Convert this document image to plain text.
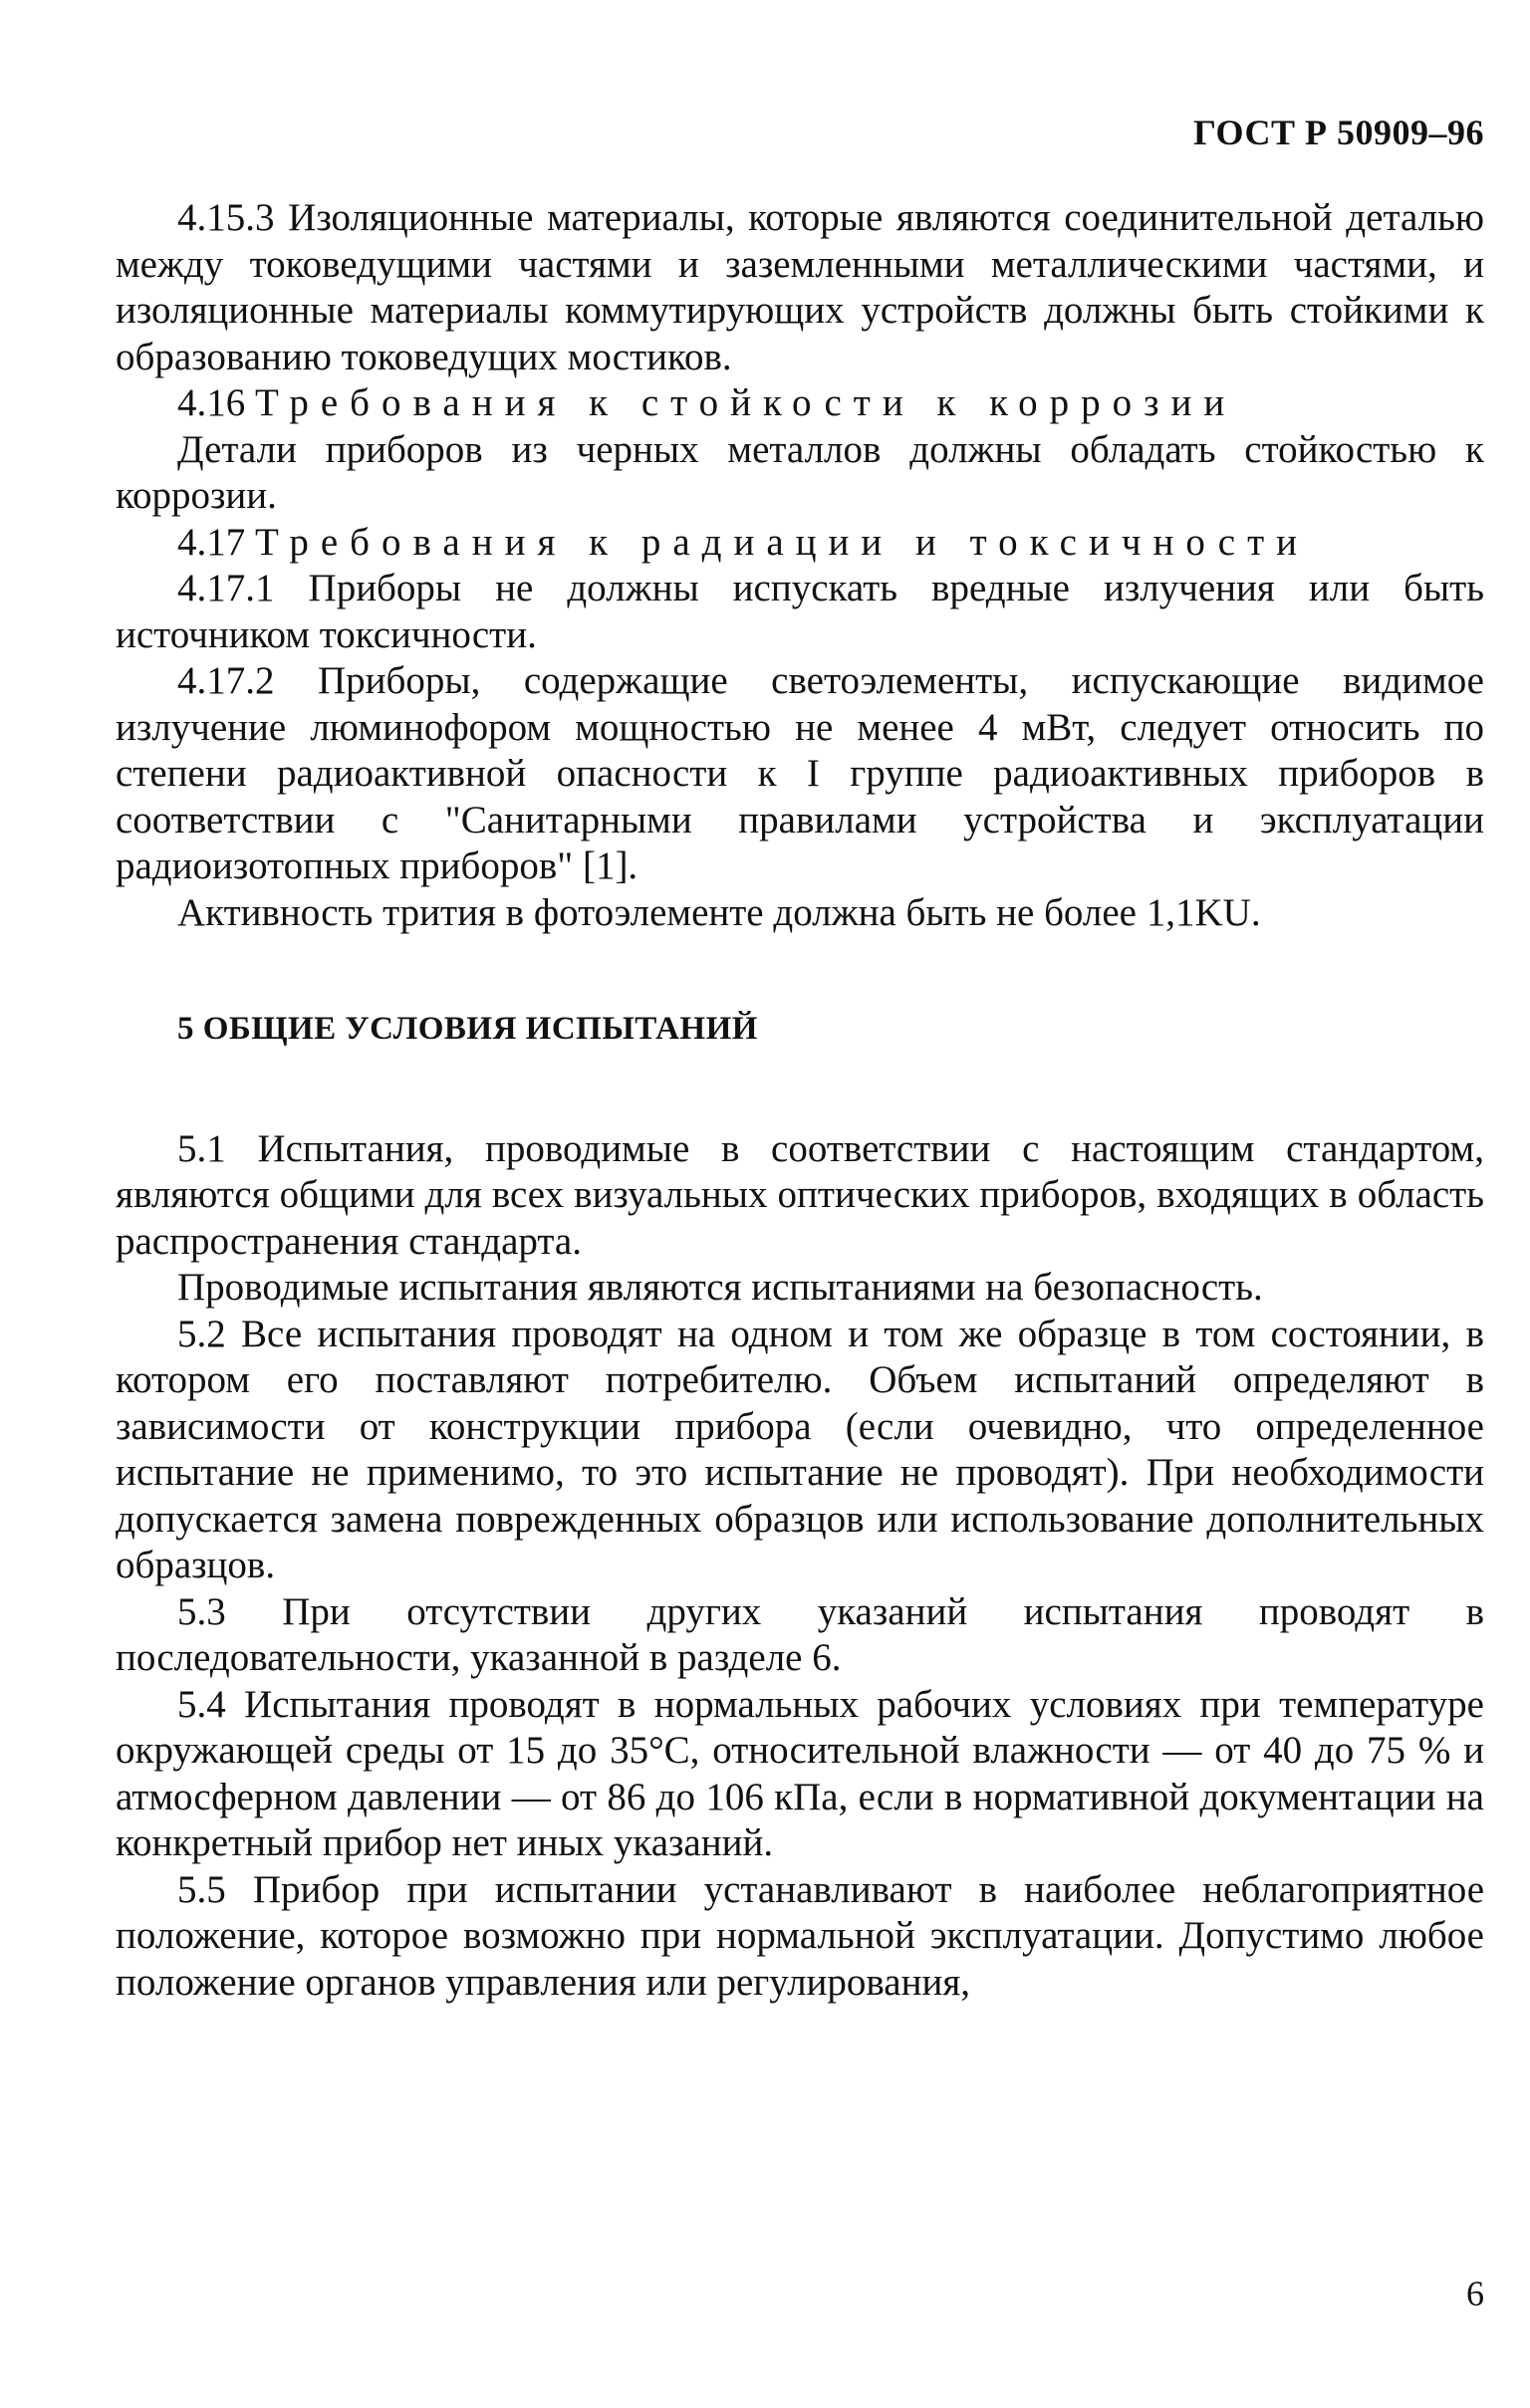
ГОСТ Р 50909–96

4.15.3 Изоляционные материалы, которые являются соединительной деталью между токоведущими частями и заземленными металлическими частями, и изоляционные материалы коммутирующих устройств должны быть стойкими к образованию токоведущих мостиков.

4.16 Требования к стойкости к коррозии

Детали приборов из черных металлов должны обладать стойкостью к коррозии.

4.17 Требования к радиации и токсичности

4.17.1 Приборы не должны испускать вредные излучения или быть источником токсичности.

4.17.2 Приборы, содержащие светоэлементы, испускающие видимое излучение люминофором мощностью не менее 4 мВт, следует относить по степени радиоактивной опасности к I группе радиоактивных приборов в соответствии с "Санитарными правилами устройства и эксплуатации радиоизотопных приборов" [1].

Активность трития в фотоэлементе должна быть не более 1,1KU.

5 ОБЩИЕ УСЛОВИЯ ИСПЫТАНИЙ

5.1 Испытания, проводимые в соответствии с настоящим стандартом, являются общими для всех визуальных оптических приборов, входящих в область распространения стандарта.

Проводимые испытания являются испытаниями на безопасность.

5.2 Все испытания проводят на одном и том же образце в том состоянии, в котором его поставляют потребителю. Объем испытаний определяют в зависимости от конструкции прибора (если очевидно, что определенное испытание не применимо, то это испытание не проводят). При необходимости допускается замена поврежденных образцов или использование дополнительных образцов.

5.3 При отсутствии других указаний испытания проводят в последовательности, указанной в разделе 6.

5.4 Испытания проводят в нормальных рабочих условиях при температуре окружающей среды от 15 до 35°С, относительной влажности — от 40 до 75 % и атмосферном давлении — от 86 до 106 кПа, если в нормативной документации на конкретный прибор нет иных указаний.

5.5 Прибор при испытании устанавливают в наиболее неблагоприятное положение, которое возможно при нормальной эксплуатации. Допустимо любое положение органов управления или регулирования,

6
